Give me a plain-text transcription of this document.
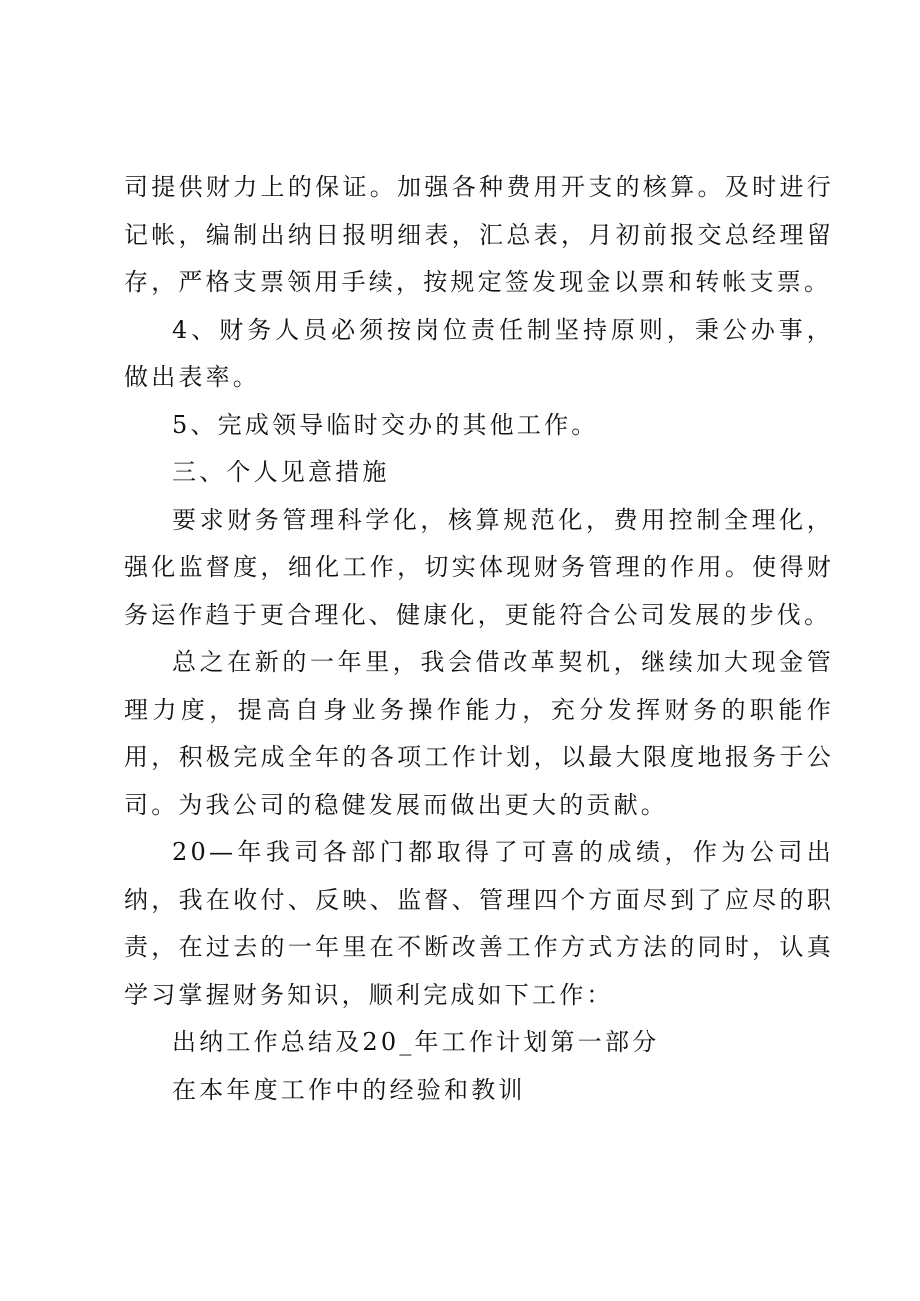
司提供财力上的保证。加强各种费用开支的核算。及时进行记帐，编制出纳日报明细表，汇总表，月初前报交总经理留存，严格支票领用手续，按规定签发现金以票和转帐支票。

4、财务人员必须按岗位责任制坚持原则，秉公办事，做出表率。

5、完成领导临时交办的其他工作。

三、个人见意措施

要求财务管理科学化，核算规范化，费用控制全理化，强化监督度，细化工作，切实体现财务管理的作用。使得财务运作趋于更合理化、健康化，更能符合公司发展的步伐。

总之在新的一年里，我会借改革契机，继续加大现金管理力度，提高自身业务操作能力，充分发挥财务的职能作用，积极完成全年的各项工作计划，以最大限度地报务于公司。为我公司的稳健发展而做出更大的贡献。

20—年我司各部门都取得了可喜的成绩，作为公司出纳，我在收付、反映、监督、管理四个方面尽到了应尽的职责，在过去的一年里在不断改善工作方式方法的同时，认真学习掌握财务知识，顺利完成如下工作：

出纳工作总结及20_年工作计划第一部分

在本年度工作中的经验和教训
